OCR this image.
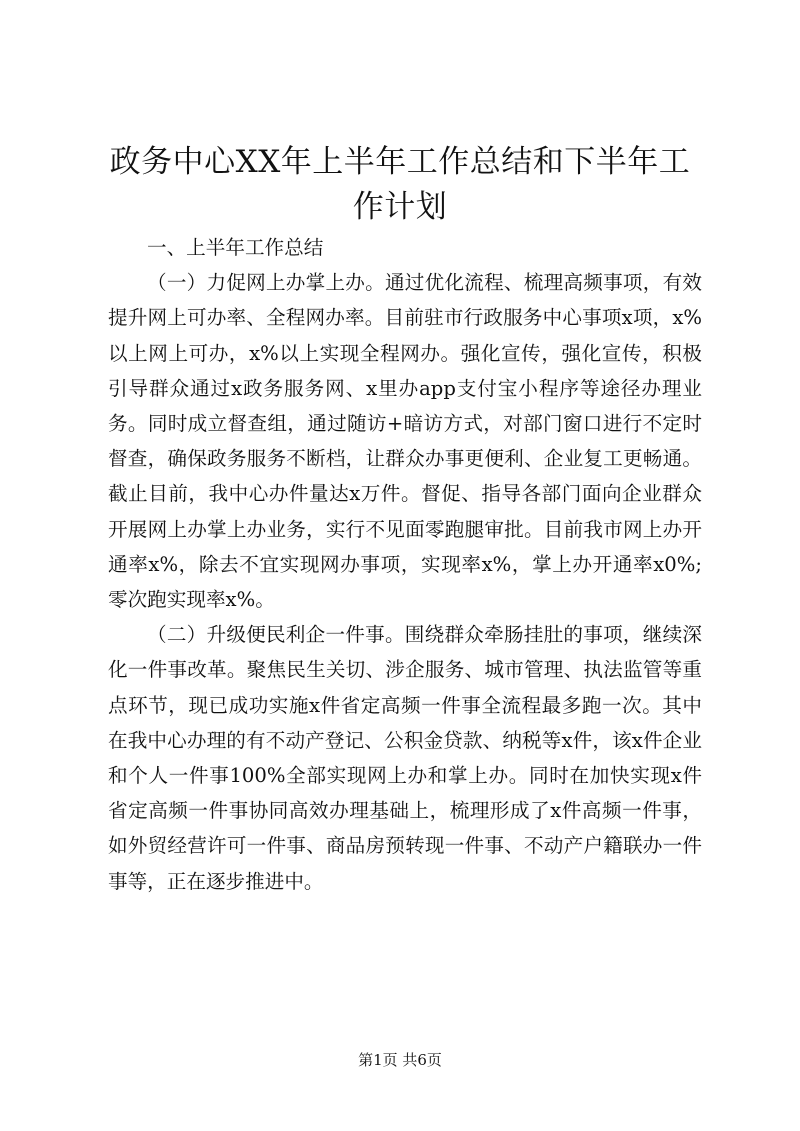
政务中心XX年上半年工作总结和下半年工作计划

一、上半年工作总结

（一）力促网上办掌上办。通过优化流程、梳理高频事项，有效提升网上可办率、全程网办率。目前驻市行政服务中心事项x项，x%以上网上可办，x%以上实现全程网办。强化宣传，强化宣传，积极引导群众通过x政务服务网、x里办app支付宝小程序等途径办理业务。同时成立督查组，通过随访+暗访方式，对部门窗口进行不定时督查，确保政务服务不断档，让群众办事更便利、企业复工更畅通。截止目前，我中心办件量达x万件。督促、指导各部门面向企业群众开展网上办掌上办业务，实行不见面零跑腿审批。目前我市网上办开通率x%，除去不宜实现网办事项，实现率x%，掌上办开通率x0%;零次跑实现率x%。

（二）升级便民利企一件事。围绕群众牵肠挂肚的事项，继续深化一件事改革。聚焦民生关切、涉企服务、城市管理、执法监管等重点环节，现已成功实施x件省定高频一件事全流程最多跑一次。其中在我中心办理的有不动产登记、公积金贷款、纳税等x件，该x件企业和个人一件事100%全部实现网上办和掌上办。同时在加快实现x件省定高频一件事协同高效办理基础上，梳理形成了x件高频一件事，如外贸经营许可一件事、商品房预转现一件事、不动产户籍联办一件事等，正在逐步推进中。

第1页 共6页
